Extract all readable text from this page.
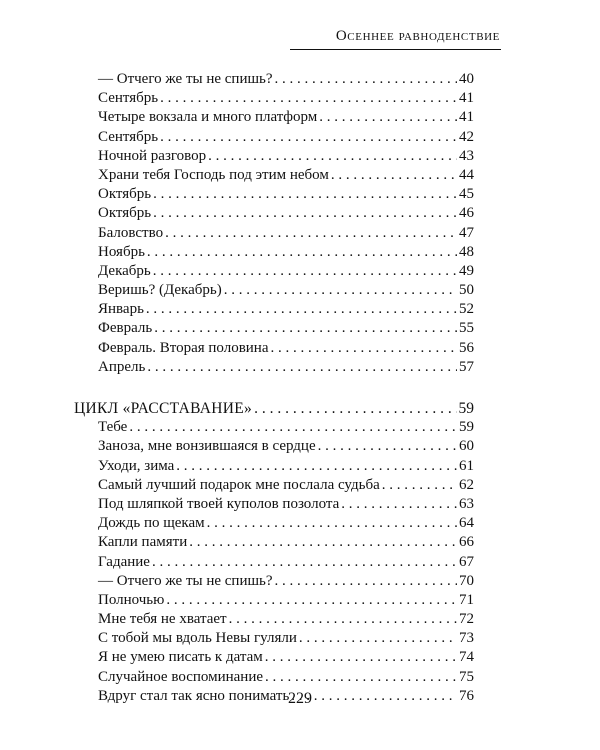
Осеннее равноденствие
— Отчего же ты не спишь? . . .	40
Сентябрь . . .	41
Четыре вокзала и много платформ . . .	41
Сентябрь . . .	42
Ночной разговор . . .	43
Храни тебя Господь под этим небом . . .	44
Октябрь . . .	45
Октябрь . . .	46
Баловство . . .	47
Ноябрь . . .	48
Декабрь . . .	49
Веришь? (Декабрь) . . .	50
Январь . . .	52
Февраль . . .	55
Февраль. Вторая половина . . .	56
Апрель . . .	57
ЦИКЛ «РАССТАВАНИЕ» . . .	59
Тебе . . .	59
Заноза, мне вонзившаяся в сердце . . .	60
Уходи, зима . . .	61
Самый лучший подарок мне послала судьба . . .	62
Под шляпкой твоей куполов позолота . . .	63
Дождь по щекам . . .	64
Капли памяти . . .	66
Гадание . . .	67
— Отчего же ты не спишь? . . .	70
Полночью . . .	71
Мне тебя не хватает . . .	72
С тобой мы вдоль Невы гуляли . . .	73
Я не умею писать к датам . . .	74
Случайное воспоминание . . .	75
Вдруг стал так ясно понимать . . .	76
229
